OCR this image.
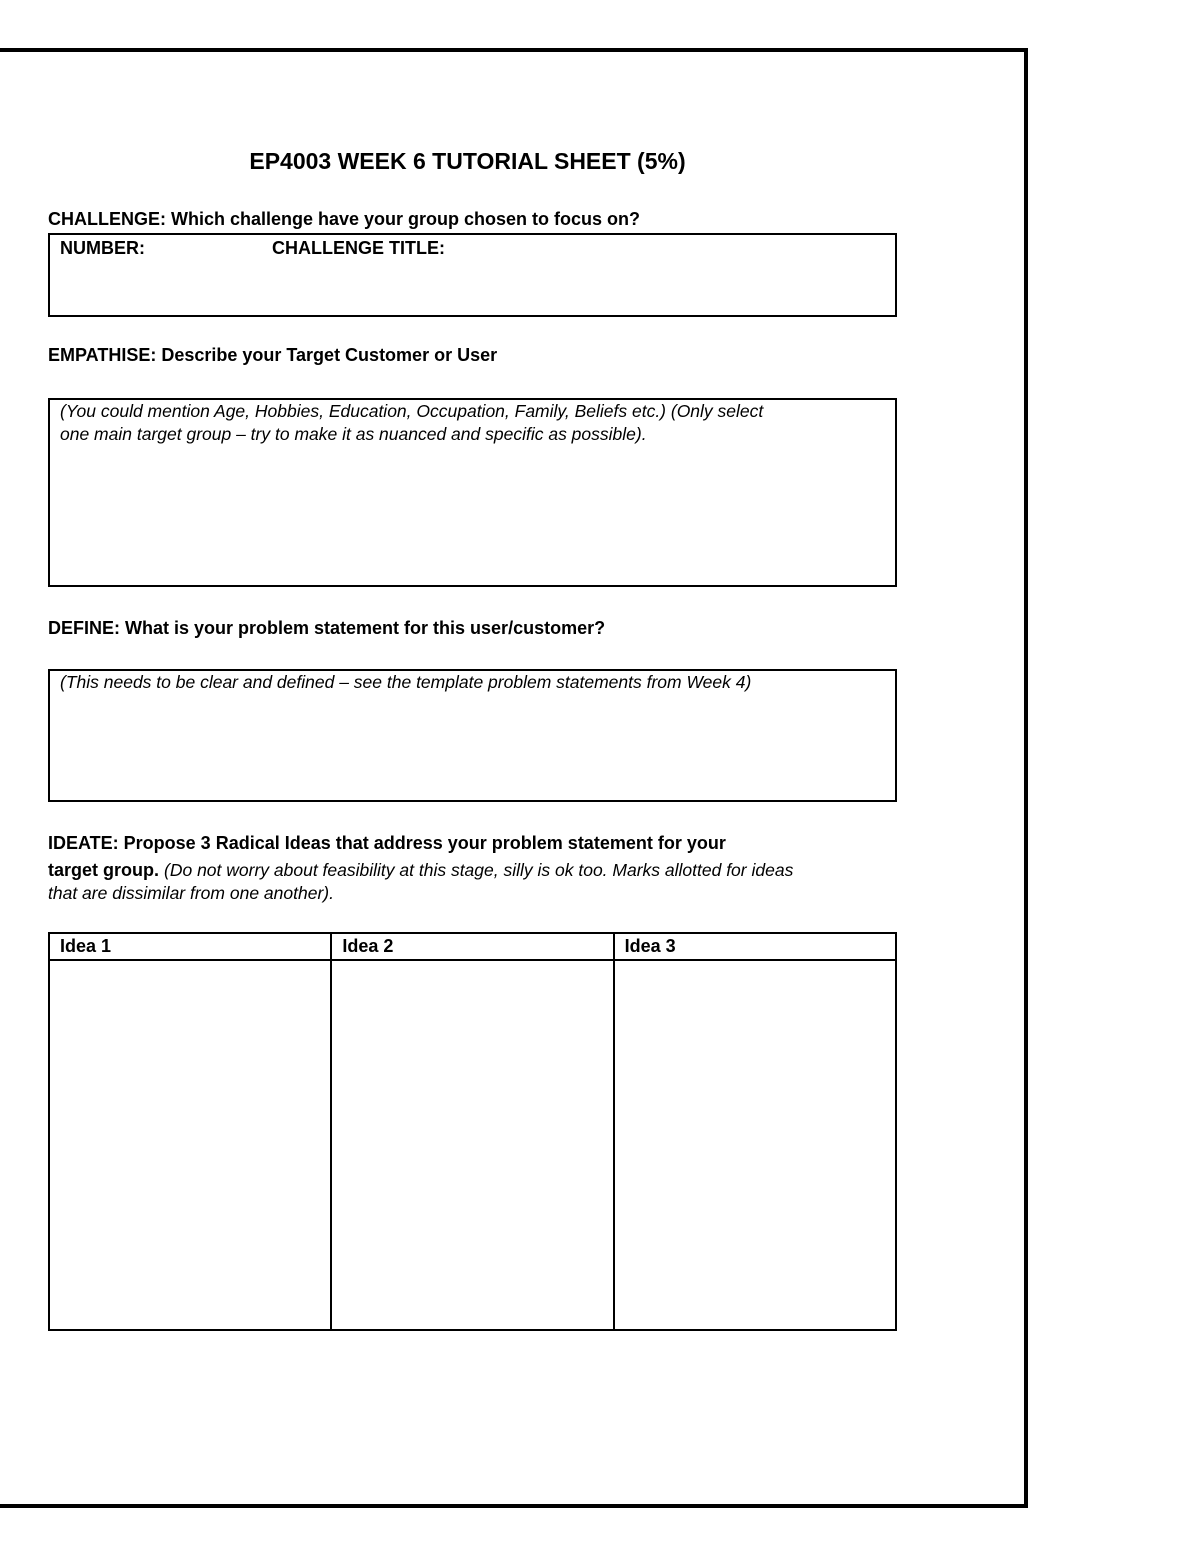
EP4003 WEEK 6 TUTORIAL SHEET (5%)
CHALLENGE: Which challenge have your group chosen to focus on?
NUMBER:	CHALLENGE TITLE:
EMPATHISE: Describe your Target Customer or User
(You could mention Age, Hobbies, Education, Occupation, Family, Beliefs etc.) (Only select
one main target group – try to make it as nuanced and specific as possible).
DEFINE: What is your problem statement for this user/customer?
(This needs to be clear and defined – see the template problem statements from Week 4)
IDEATE: Propose 3 Radical Ideas that address your problem statement for your
target group. (Do not worry about feasibility at this stage, silly is ok too. Marks allotted for ideas
that are dissimilar from one another).
Idea 1	Idea 2	Idea 3
